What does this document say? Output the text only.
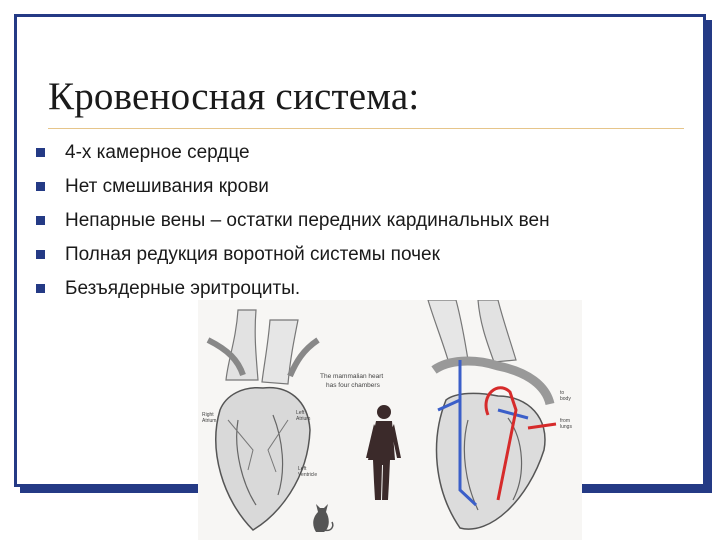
Кровеносная система:
4-х камерное сердце
Нет смешивания крови
Непарные вены – остатки передних кардинальных вен
Полная редукция воротной системы почек
Безъядерные эритроциты.
Right
Atrium
Left
Atrium
Left
Ventricle
The mammalian heart
has four chambers
to
body
from
lungs
